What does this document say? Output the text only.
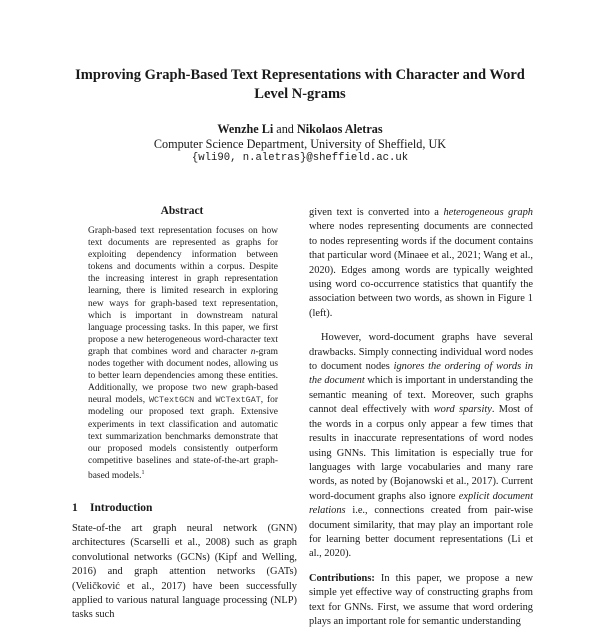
Improving Graph-Based Text Representations with Character and Word Level N-grams
Wenzhe Li and Nikolaos Aletras
Computer Science Department, University of Sheffield, UK
{wli90, n.aletras}@sheffield.ac.uk
Abstract
Graph-based text representation focuses on how text documents are represented as graphs for exploiting dependency information between tokens and documents within a corpus. Despite the increasing interest in graph representation learning, there is limited research in exploring new ways for graph-based text representation, which is important in downstream natural language processing tasks. In this paper, we first propose a new heterogeneous word-character text graph that combines word and character n-gram nodes together with document nodes, allowing us to better learn dependencies among these entities. Additionally, we propose two new graph-based neural models, WCTextGCN and WCTextGAT, for modeling our proposed text graph. Extensive experiments in text classification and automatic text summarization benchmarks demonstrate that our proposed models consistently outperform competitive baselines and state-of-the-art graph-based models.$^1$
1 Introduction
State-of-the art graph neural network (GNN) architectures (Scarselli et al., 2008) such as graph convolutional networks (GCNs) (Kipf and Welling, 2016) and graph attention networks (GATs) (Veličković et al., 2017) have been successfully applied to various natural language processing (NLP) tasks such

given text is converted into a heterogeneous graph where nodes representing documents are connected to nodes representing words if the document contains that particular word (Minaee et al., 2021; Wang et al., 2020). Edges among words are typically weighted using word co-occurrence statistics that quantify the association between two words, as shown in Figure 1 (left).

However, word-document graphs have several drawbacks. Simply connecting individual word nodes to document nodes ignores the ordering of words in the document which is important in understanding the semantic meaning of text. Moreover, such graphs cannot deal effectively with word sparsity. Most of the words in a corpus only appear a few times that results in inaccurate representations of word nodes using GNNs. This limitation is especially true for languages with large vocabularies and many rare words, as noted by (Bojanowski et al., 2017). Current word-document graphs also ignore explicit document relations i.e., connections created from pair-wise document similarity, that may play an important role for learning better document representations (Li et al., 2020).

Contributions: In this paper, we propose a new simple yet effective way of constructing graphs from text for GNNs. First, we assume that word ordering plays an important role for semantic understanding
